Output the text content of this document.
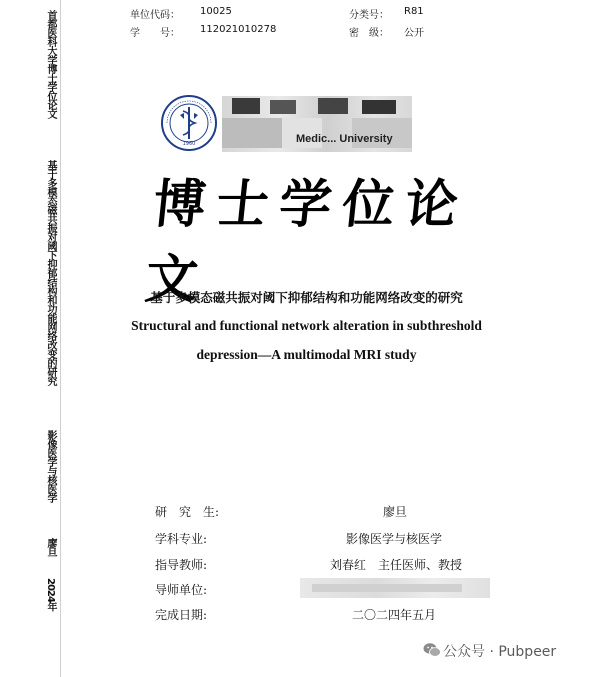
首都医科大学博士学位论文
基于多模态磁共振对阈下抑郁结构和功能网络改变的研究
影像医学与核医学
廖旦
2024年
单位代码： 10025
学　　号： 112021010278
分类号： R81
密　级： 公开
1960	Medic... University
博士学位论文
基于多模态磁共振对阈下抑郁结构和功能网络改变的研究
Structural and functional network alteration in subthreshold
depression—A multimodal MRI study
研　究　生:	廖旦
学科专业:	影像医学与核医学
指导教师:	刘春红　主任医师、教授
导师单位:
完成日期:	二〇二四年五月
公众号 · Pubpeer
